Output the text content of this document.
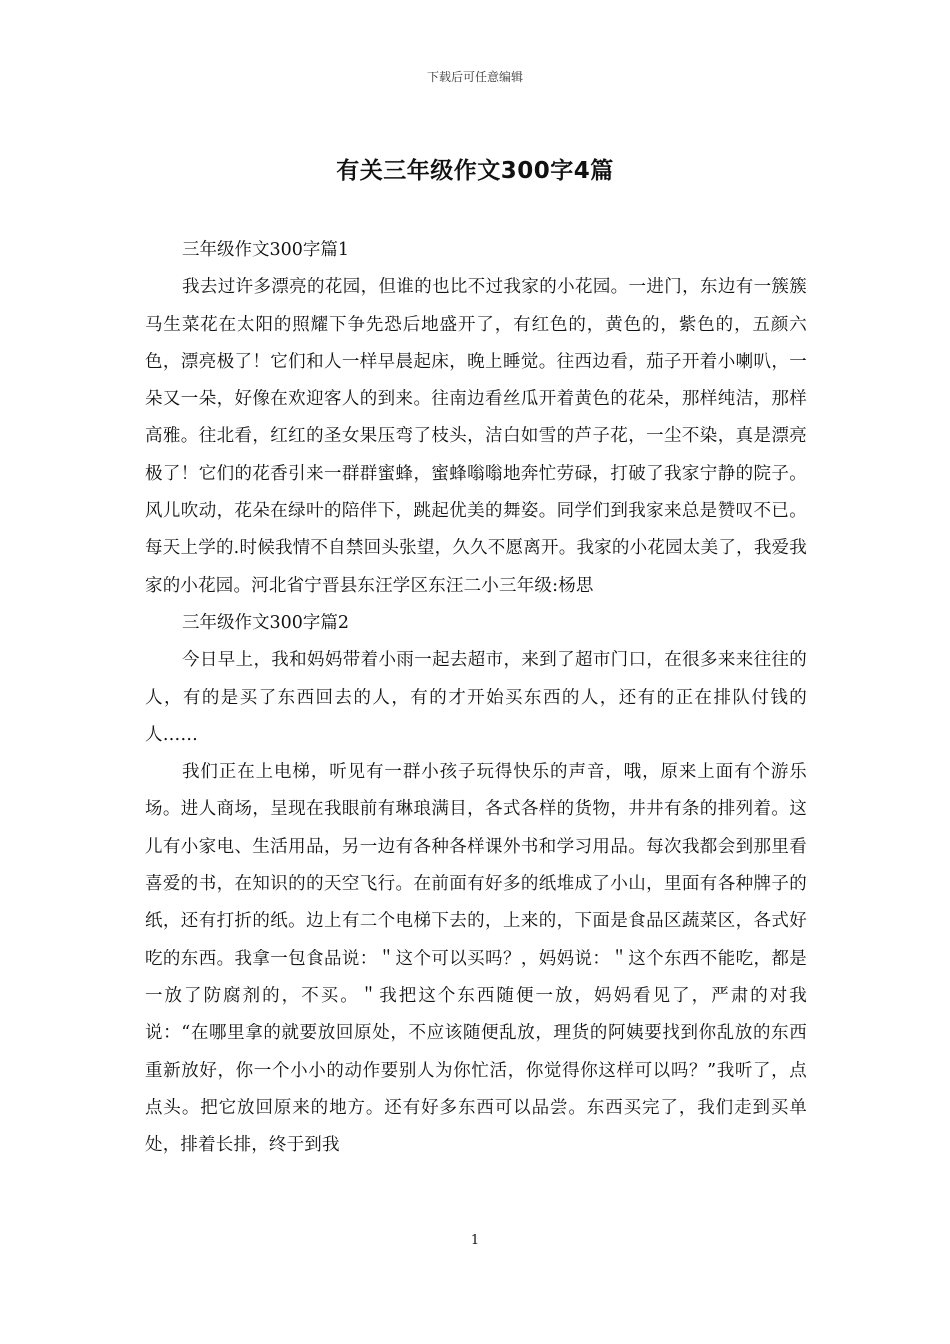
下载后可任意编辑
有关三年级作文300字4篇

三年级作文300字篇1

我去过许多漂亮的花园，但谁的也比不过我家的小花园。一进门，东边有一簇簇马生菜花在太阳的照耀下争先恐后地盛开了，有红色的，黄色的，紫色的，五颜六色，漂亮极了！它们和人一样早晨起床，晚上睡觉。往西边看，茄子开着小喇叭，一朵又一朵，好像在欢迎客人的到来。往南边看丝瓜开着黄色的花朵，那样纯洁，那样高雅。往北看，红红的圣女果压弯了枝头，洁白如雪的芦子花，一尘不染，真是漂亮极了！它们的花香引来一群群蜜蜂，蜜蜂嗡嗡地奔忙劳碌，打破了我家宁静的院子。风儿吹动，花朵在绿叶的陪伴下，跳起优美的舞姿。同学们到我家来总是赞叹不已。每天上学的.时候我情不自禁回头张望，久久不愿离开。我家的小花园太美了，我爱我家的小花园。河北省宁晋县东汪学区东汪二小三年级:杨思

三年级作文300字篇2

今日早上，我和妈妈带着小雨一起去超市，来到了超市门口，在很多来来往往的人，有的是买了东西回去的人，有的才开始买东西的人，还有的正在排队付钱的人……

我们正在上电梯，听见有一群小孩子玩得快乐的声音，哦，原来上面有个游乐场。进人商场，呈现在我眼前有琳琅满目，各式各样的货物，井井有条的排列着。这儿有小家电、生活用品，另一边有各种各样课外书和学习用品。每次我都会到那里看喜爱的书，在知识的的天空飞行。在前面有好多的纸堆成了小山，里面有各种牌子的纸，还有打折的纸。边上有二个电梯下去的，上来的，下面是食品区蔬菜区，各式好吃的东西。我拿一包食品说：＂这个可以买吗？，妈妈说：＂这个东西不能吃，都是一放了防腐剂的，不买。＂我把这个东西随便一放，妈妈看见了，严肃的对我说：“在哪里拿的就要放回原处，不应该随便乱放，理货的阿姨要找到你乱放的东西重新放好，你一个小小的动作要别人为你忙活，你觉得你这样可以吗？”我听了，点点头。把它放回原来的地方。还有好多东西可以品尝。东西买完了，我们走到买单处，排着长排，终于到我

1
